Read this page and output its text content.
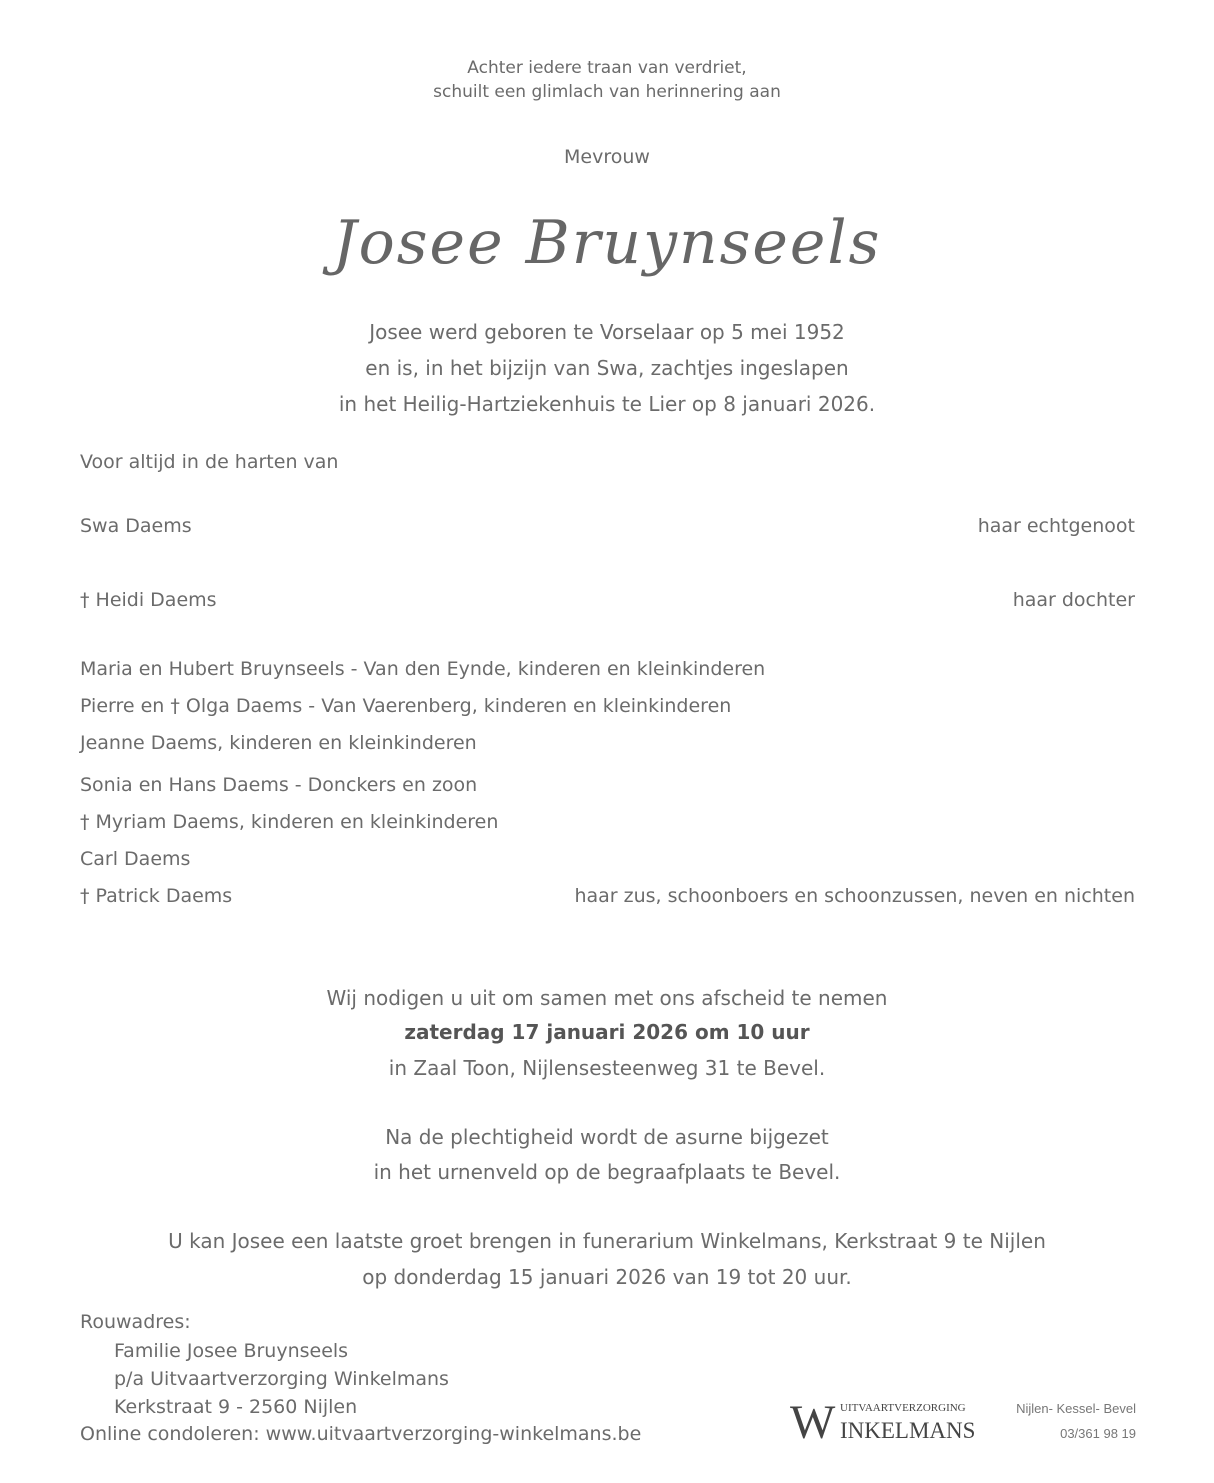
Achter iedere traan van verdriet,
schuilt een glimlach van herinnering aan
Mevrouw
Josee Bruynseels
Josee werd geboren te Vorselaar op 5 mei 1952
en is, in het bijzijn van Swa, zachtjes ingeslapen
in het Heilig-Hartziekenhuis te Lier op 8 januari 2026.
Voor altijd in de harten van
Swa Daems	haar echtgenoot
† Heidi Daems	haar dochter
Maria en Hubert Bruynseels - Van den Eynde, kinderen en kleinkinderen
Pierre en † Olga Daems - Van Vaerenberg, kinderen en kleinkinderen
Jeanne Daems, kinderen en kleinkinderen
Sonia en Hans Daems - Donckers en zoon
† Myriam Daems, kinderen en kleinkinderen
Carl Daems
† Patrick Daems	haar zus, schoonboers en schoonzussen, neven en nichten
Wij nodigen u uit om samen met ons afscheid te nemen
zaterdag 17 januari 2026 om 10 uur
in Zaal Toon, Nijlensesteenweg 31 te Bevel.
Na de plechtigheid wordt de asurne bijgezet
in het urnenveld op de begraafplaats te Bevel.
U kan Josee een laatste groet brengen in funerarium Winkelmans, Kerkstraat 9 te Nijlen
op donderdag 15 januari 2026 van 19 tot 20 uur.
Rouwadres:
Familie Josee Bruynseels
p/a Uitvaartverzorging Winkelmans
Kerkstraat 9 - 2560 Nijlen
Online condoleren: www.uitvaartverzorging-winkelmans.be	W UITVAARTVERZORGING
INKELMANS
Nijlen- Kessel- Bevel
03/361 98 19
